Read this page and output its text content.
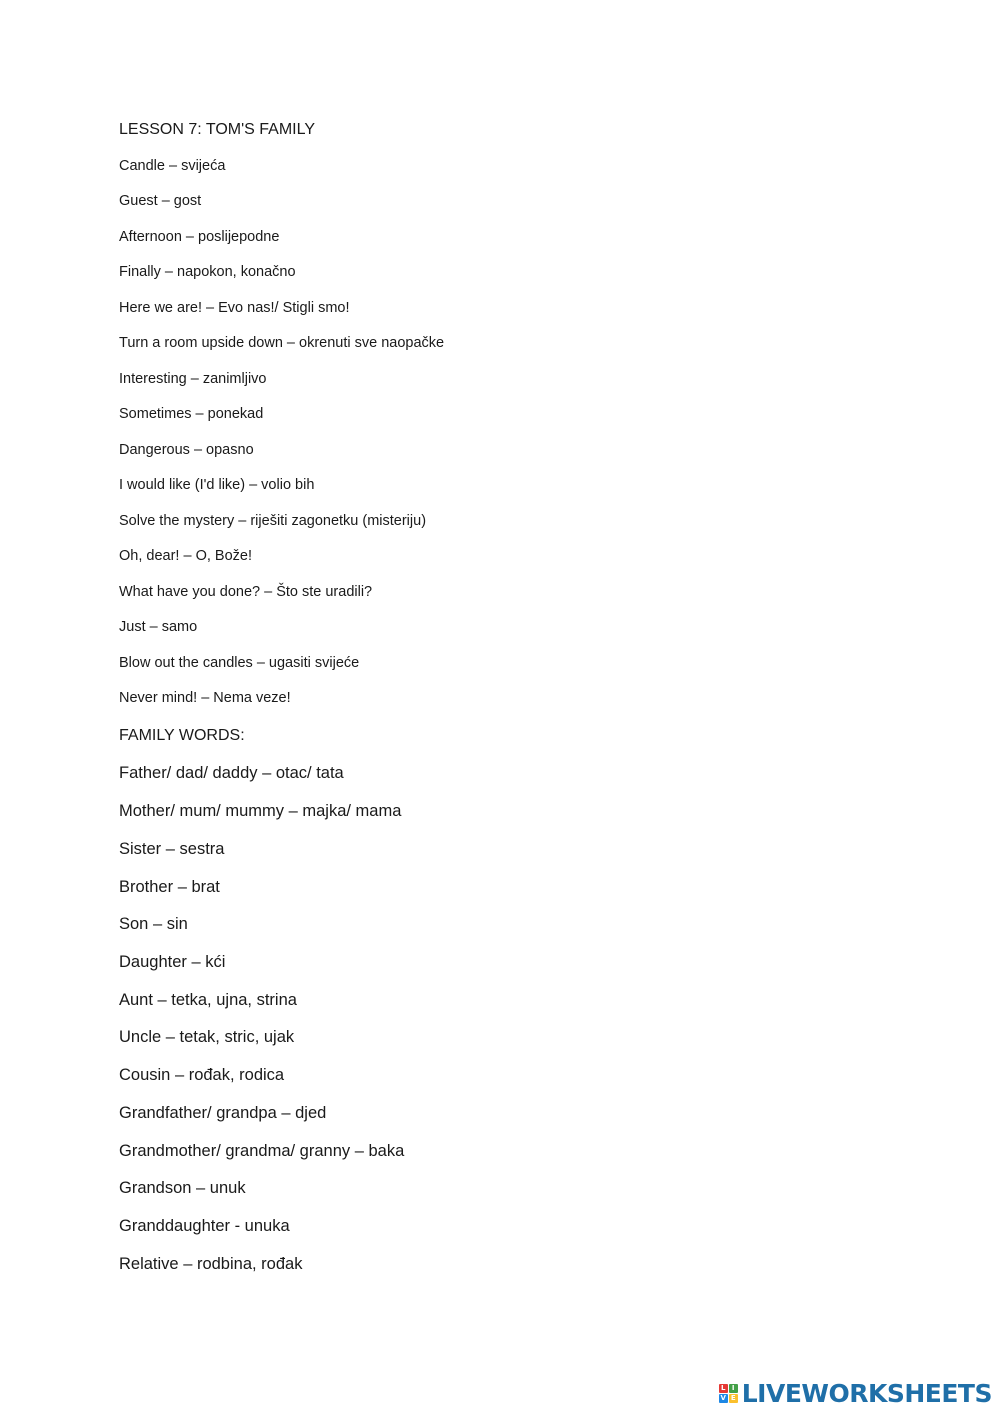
LESSON 7: TOM'S FAMILY
Candle – svijeća
Guest – gost
Afternoon – poslijepodne
Finally – napokon, konačno
Here we are! – Evo nas!/ Stigli smo!
Turn a room upside down – okrenuti sve naopačke
Interesting – zanimljivo
Sometimes – ponekad
Dangerous – opasno
I would like (I'd like) – volio bih
Solve the mystery – riješiti zagonetku (misteriju)
Oh, dear! – O, Bože!
What have you done? – Što ste uradili?
Just – samo
Blow out the candles – ugasiti svijeće
Never mind! – Nema veze!
FAMILY WORDS:
Father/ dad/ daddy – otac/ tata
Mother/ mum/ mummy – majka/ mama
Sister – sestra
Brother – brat
Son – sin
Daughter – kći
Aunt – tetka, ujna, strina
Uncle – tetak, stric, ujak
Cousin – rođak, rodica
Grandfather/ grandpa – djed
Grandmother/ grandma/ granny – baka
Grandson – unuk
Granddaughter - unuka
Relative – rodbina, rođak
L I
V E LIVEWORKSHEETS
